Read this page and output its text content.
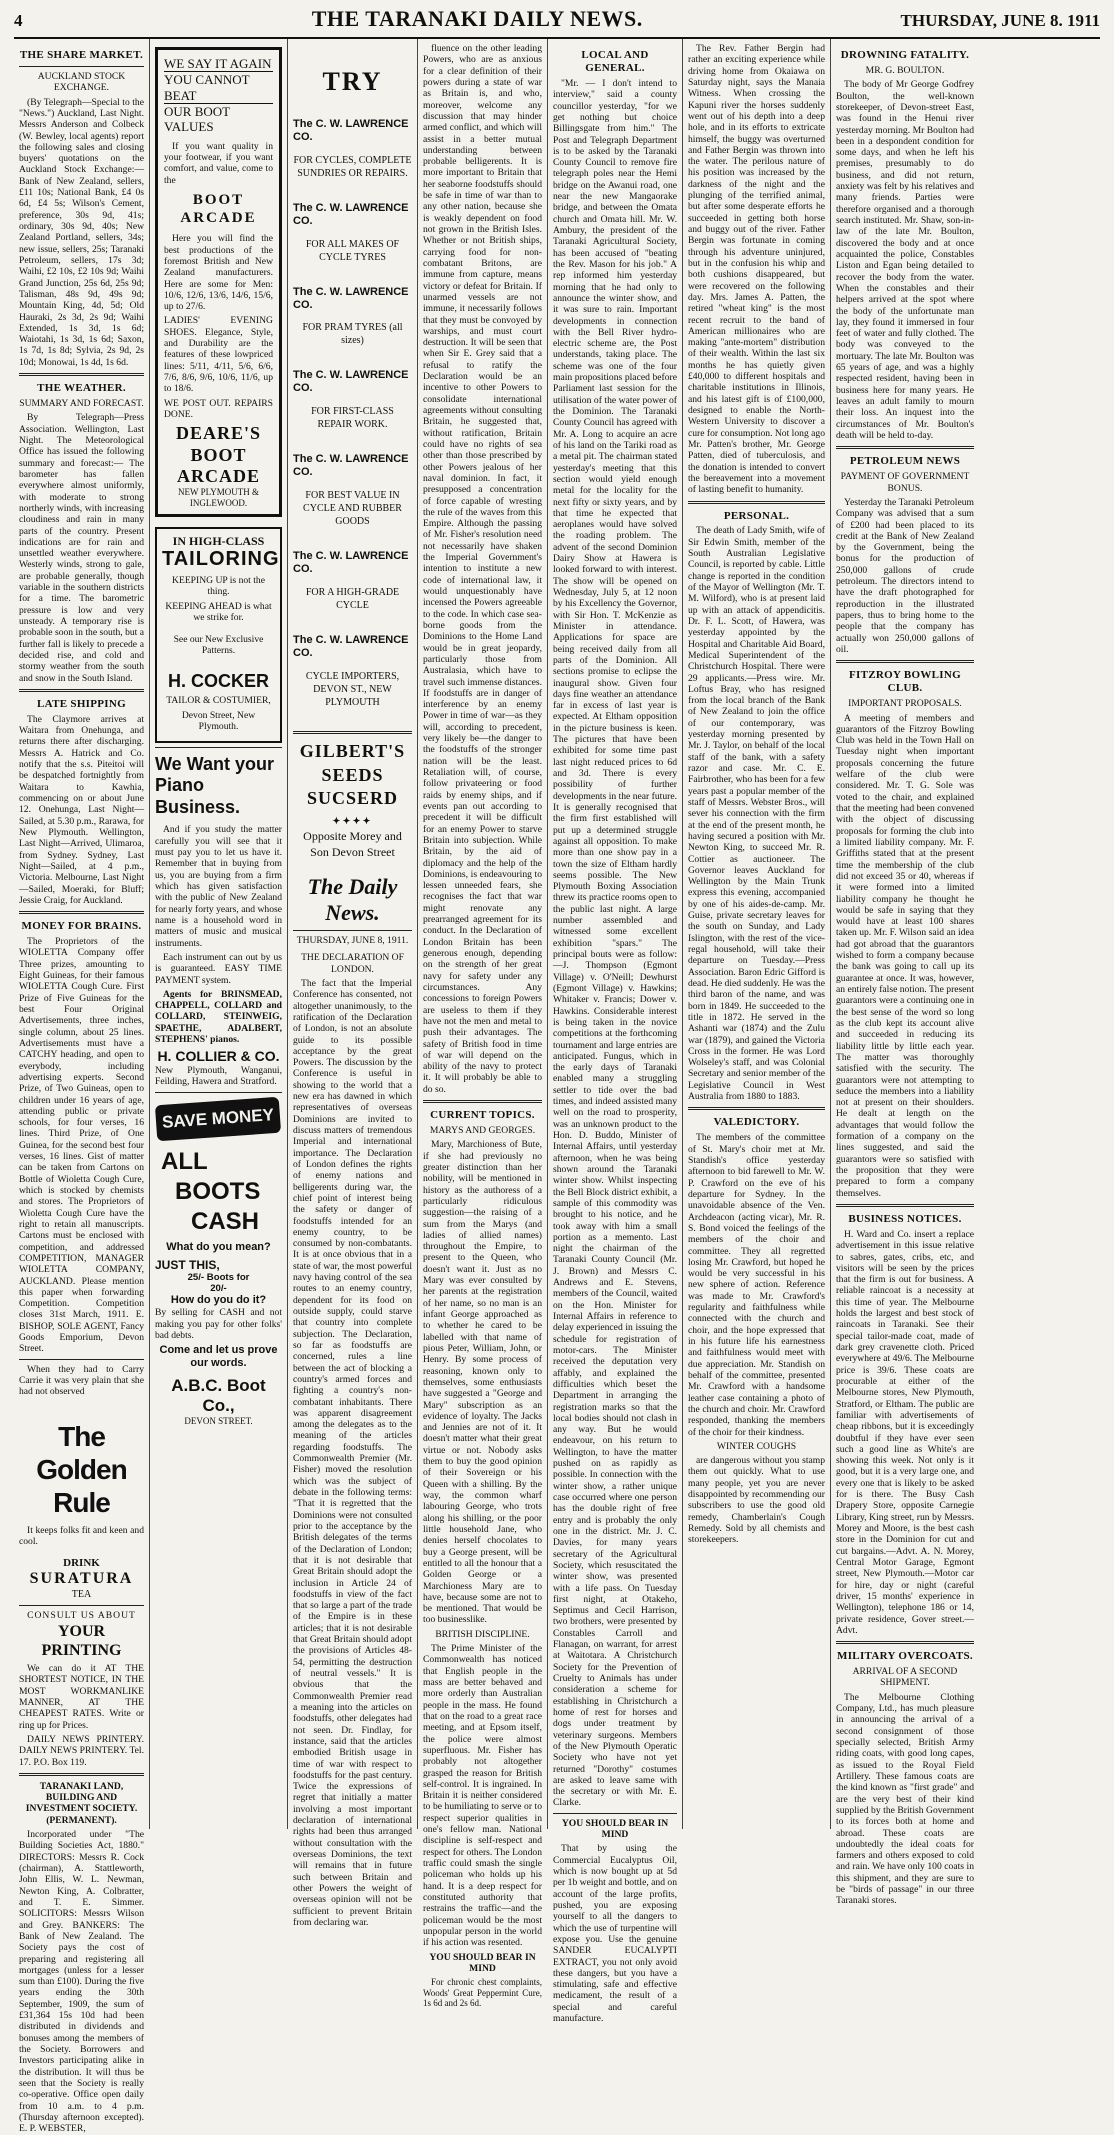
4	THE TARANAKI DAILY NEWS.	THURSDAY, JUNE 8. 1911
THE SHARE MARKET.
AUCKLAND STOCK EXCHANGE.

(By Telegraph—Special to the "News.") Auckland, Last Night. Messrs Anderson and Colbeck (W. Bewley, local agents) report the following sales and closing buyers' quotations on the Auckland Stock Exchange:— Bank of New Zealand, sellers, £11 10s; National Bank, £4 0s 6d, £4 5s; Wilson's Cement, preference, 30s 9d, 41s; ordinary, 30s 9d, 40s; New Zealand Portland, sellers, 34s; new issue, sellers, 25s; Taranaki Petroleum, sellers, 17s 3d; Waihi, £2 10s, £2 10s 9d; Waihi Grand Junction, 25s 6d, 25s 9d; Talisman, 48s 9d, 49s 9d; Mountain King, 4d, 5d; Old Hauraki, 2s 3d, 2s 9d; Waihi Extended, 1s 3d, 1s 6d; Waiotahi, 1s 3d, 1s 6d; Saxon, 1s 7d, 1s 8d; Sylvia, 2s 9d, 2s 10d; Monowai, 1s 4d, 1s 6d.

THE WEATHER.
SUMMARY AND FORECAST.

By Telegraph—Press Association. Wellington, Last Night. The Meteorological Office has issued the following summary and forecast:— The barometer has fallen everywhere almost uniformly, with moderate to strong northerly winds, with increasing cloudiness and rain in many parts of the country. Present indications are for rain and unsettled weather everywhere. Westerly winds, strong to gale, are probable generally, though variable in the southern districts for a time. The barometric pressure is low and very unsteady. A temporary rise is probable soon in the south, but a further fall is likely to precede a decided rise, and cold and stormy weather from the south and snow in the South Island.

LATE SHIPPING

The Claymore arrives at Waitara from Onehunga, and returns there after discharging. Messrs A. Hatrick and Co. notify that the s.s. Piteitoi will be despatched fortnightly from Waitara to Kawhia, commencing on or about June 12. Onehunga, Last Night—Sailed, at 5.30 p.m., Rarawa, for New Plymouth. Wellington, Last Night—Arrived, Ulimaroa, from Sydney. Sydney, Last Night—Sailed, at 4 p.m., Victoria. Melbourne, Last Night—Sailed, Moeraki, for Bluff; Jessie Craig, for Auckland.

MONEY FOR BRAINS.

The Proprietors of the WIOLETTA Company offer Three prizes, amounting to Eight Guineas, for their famous WIOLETTA Cough Cure. First Prize of Five Guineas for the best Four Original Advertisements, three inches, single column, about 25 lines. Advertisements must have a CATCHY heading, and open to everybody, including advertising experts. Second Prize, of Two Guineas, open to children under 16 years of age, attending public or private schools, for four verses, 16 lines. Third Prize, of One Guinea, for the second best four verses, 16 lines. Gist of matter can be taken from Cartons on Bottle of Wioletta Cough Cure, which is stocked by chemists and stores. The Proprietors of Wioletta Cough Cure have the right to retain all manuscripts. Cartons must be enclosed with competition, and addressed COMPETITION, MANAGER WIOLETTA COMPANY, AUCKLAND. Please mention this paper when forwarding Competition. Competition closes 31st March, 1911. E. BISHOP, SOLE AGENT, Fancy Goods Emporium, Devon Street.

When they had to Carry Carrie it was very plain that she had not observed

The Golden Rule

It keeps folks fit and keen and cool.

DRINK
SURATURA
TEA
CONSULT US ABOUT
YOUR PRINTING

We can do it AT THE SHORTEST NOTICE, IN THE MOST WORKMANLIKE MANNER, AT THE CHEAPEST RATES. Write or ring up for Prices.

DAILY NEWS PRINTERY. DAILY NEWS PRINTERY. Tel. 17. P.O. Box 119.

TARANAKI LAND, BUILDING AND INVESTMENT SOCIETY. (PERMANENT).

Incorporated under "The Building Societies Act, 1880." DIRECTORS: Messrs R. Cock (chairman), A. Stattleworth, John Ellis, W. L. Newman, Newton King, A. Colbratter, and T. E. Simmer. SOLICITORS: Messrs Wilson and Grey. BANKERS: The Bank of New Zealand. The Society pays the cost of preparing and registering all mortgages (unless for a lesser sum than £100). During the five years ending the 30th September, 1909, the sum of £31,364 15s 10d had been distributed in dividends and bonuses among the members of the Society. Borrowers and Investors participating alike in the distribution. It will thus be seen that the Society is really co-operative. Office open daily from 10 a.m. to 4 p.m. (Thursday afternoon excepted). E. P. WEBSTER,

WE SAY IT AGAIN
YOU CANNOT BEAT
OUR BOOT VALUES

If you want quality in your footwear, if you want comfort, and value, come to the

BOOT ARCADE

Here you will find the best productions of the foremost British and New Zealand manufacturers. Here are some for Men: 10/6, 12/6, 13/6, 14/6, 15/6, up to 27/6.

LADIES' EVENING SHOES. Elegance, Style, and Durability are the features of these lowpriced lines: 5/11, 4/11, 5/6, 6/6, 7/6, 8/6, 9/6, 10/6, 11/6, up to 18/6.

WE POST OUT. REPAIRS DONE.

DEARE'S
BOOT ARCADE
NEW PLYMOUTH & INGLEWOOD.
IN HIGH-CLASS
TAILORING

KEEPING UP is not the thing.

KEEPING AHEAD is what we strike for.

See our New Exclusive Patterns.

H. COCKER

TAILOR & COSTUMIER,

Devon Street, New Plymouth.

We Want your Piano Business.

And if you study the matter carefully you will see that it must pay you to let us have it. Remember that in buying from us, you are buying from a firm which has given satisfaction with the public of New Zealand for nearly forty years, and whose name is a household word in matters of music and musical instruments.

Each instrument can out by us is guaranteed. EASY TIME PAYMENT system.

Agents for BRINSMEAD, CHAPPELL, COLLARD and COLLARD, STEINWEIG, SPAETHE, ADALBERT, STEPHENS' pianos.

H. COLLIER & CO.

New Plymouth, Wanganui, Feilding, Hawera and Stratford.

SAVE MONEY
ALL
BOOTS
CASH
What do you mean?
JUST THIS,
25/- Boots for
20/-
How do you do it?

By selling for CASH and not making you pay for other folks' bad debts.

Come and let us prove our words.
A.B.C. Boot Co.,
DEVON STREET.
TRY
The C. W. LAWRENCE CO.
FOR CYCLES, COMPLETE SUNDRIES OR REPAIRS.
The C. W. LAWRENCE CO.
FOR ALL MAKES OF CYCLE TYRES
The C. W. LAWRENCE CO.
FOR PRAM TYRES (all sizes)
The C. W. LAWRENCE CO.
FOR FIRST-CLASS REPAIR WORK.
The C. W. LAWRENCE CO.
FOR BEST VALUE IN CYCLE AND RUBBER GOODS
The C. W. LAWRENCE CO.
FOR A HIGH-GRADE CYCLE
The C. W. LAWRENCE CO.
CYCLE IMPORTERS, DEVON ST., NEW PLYMOUTH
GILBERT'S SEEDS SUCSERD
✦✦✦✦
Opposite Morey and Son Devon Street
The Daily News.
THURSDAY, JUNE 8, 1911.
THE DECLARATION OF LONDON.

The fact that the Imperial Conference has consented, not altogether unanimously, to the ratification of the Declaration of London, is not an absolute guide to its possible acceptance by the great Powers. The discussion by the Conference is useful in showing to the world that a new era has dawned in which representatives of overseas Dominions are invited to discuss matters of tremendous Imperial and international importance. The Declaration of London defines the rights of enemy nations and belligerents during war, the chief point of interest being the safety or danger of foodstuffs intended for an enemy country, to be consumed by non-combatants. It is at once obvious that in a state of war, the most powerful navy having control of the sea routes to an enemy country, dependent for its food on outside supply, could starve that country into complete subjection. The Declaration, so far as foodstuffs are concerned, rules a line between the act of blocking a country's armed forces and fighting a country's non-combatant inhabitants. There was apparent disagreement among the delegates as to the meaning of the articles regarding foodstuffs. The Commonwealth Premier (Mr. Fisher) moved the resolution which was the subject of debate in the following terms: "That it is regretted that the Dominions were not consulted prior to the acceptance by the British delegates of the terms of the Declaration of London; that it is not desirable that Great Britain should adopt the inclusion in Article 24 of foodstuffs in view of the fact that so large a part of the trade of the Empire is in these articles; that it is not desirable that Great Britain should adopt the provisions of Articles 48-54, permitting the destruction of neutral vessels." It is obvious that the Commonwealth Premier read a meaning into the articles on foodstuffs, other delegates had not seen. Dr. Findlay, for instance, said that the articles embodied British usage in time of war with respect to foodstuffs for the past century. Twice the expressions of regret that initially a matter involving a most important declaration of international rights had been thus arranged without consultation with the overseas Dominions, the text will remains that in future such between Britain and other Powers the weight of overseas opinion will not be sufficient to prevent Britain from declaring war.

fluence on the other leading Powers, who are as anxious for a clear definition of their powers during a state of war as Britain is, and who, moreover, welcome any discussion that may hinder armed conflict, and which will assist in a better mutual understanding between probable belligerents. It is more important to Britain that her seaborne foodstuffs should be safe in time of war than to any other nation, because she is weakly dependent on food not grown in the British Isles. Whether or not British ships, carrying food for non-combatant Britons, are immune from capture, means victory or defeat for Britain. If unarmed vessels are not immune, it necessarily follows that they must be convoyed by warships, and must court destruction. It will be seen that when Sir E. Grey said that a refusal to ratify the Declaration would be an incentive to other Powers to consolidate international agreements without consulting Britain, he suggested that, without ratification, Britain could have no rights of sea other than those prescribed by other Powers jealous of her naval dominion. In fact, it presupposed a concentration of force capable of wresting the rule of the waves from this Empire. Although the passing of Mr. Fisher's resolution need not necessarily have shaken the Imperial Government's intention to institute a new code of international law, it would unquestionably have incensed the Powers agreeable to the code. In which case sea-borne goods from the Dominions to the Home Land would be in great jeopardy, particularly those from Australasia, which have to travel such immense distances. If foodstuffs are in danger of interference by an enemy Power in time of war—as they will, according to precedent, very likely be—the danger to the foodstuffs of the stronger nation will be the least. Retaliation will, of course, follow privateering or food raids by enemy ships, and if events pan out according to precedent it will be difficult for an enemy Power to starve Britain into subjection. While Britain, by the aid of diplomacy and the help of the Dominions, is endeavouring to lessen unneeded fears, she recognises the fact that war might renovate any prearranged agreement for its conduct. In the Declaration of London Britain has been generous enough, depending on the strength of her great navy for safety under any circumstances. Any concessions to foreign Powers are useless to them if they have not the men and metal to push their advantages. The safety of British food in time of war will depend on the ability of the navy to protect it. It will probably be able to do so.

CURRENT TOPICS.
MARYS AND GEORGES.

Mary, Marchioness of Bute, if she had previously no greater distinction than her nobility, will be mentioned in history as the authoress of a particularly ridiculous suggestion—the raising of a sum from the Marys (and ladies of allied names) throughout the Empire, to present to the Queen, who doesn't want it. Just as no Mary was ever consulted by her parents at the registration of her name, so no man is an infant George approached as to whether he cared to be labelled with that name of pious Peter, William, John, or Henry. By some process of reasoning, known only to themselves, some enthusiasts have suggested a "George and Mary" subscription as an evidence of loyalty. The Jacks and Jennies are not of it. It doesn't matter what their great virtue or not. Nobody asks them to buy the good opinion of their Sovereign or his Queen with a shilling. By the way, the common wharf labouring George, who trots along his shilling, or the poor little household Jane, who denies herself chocolates to buy a George present, will be entitled to all the honour that a Golden George or a Marchioness Mary are to have, because some are not to be mentioned. That would be too businesslike.

BRITISH DISCIPLINE.

The Prime Minister of the Commonwealth has noticed that English people in the mass are better behaved and more orderly than Australian people in the mass. He found that on the road to a great race meeting, and at Epsom itself, the police were almost superfluous. Mr. Fisher has probably not altogether grasped the reason for British self-control. It is ingrained. In Britain it is neither considered to be humiliating to serve or to respect superior qualities in one's fellow man. National discipline is self-respect and respect for others. The London traffic could smash the single policeman who holds up his hand. It is a deep respect for constituted authority that restrains the traffic—and the policeman would be the most unpopular person in the world if his action was resented.

YOU SHOULD BEAR IN MIND

For chronic chest complaints, Woods' Great Peppermint Cure, 1s 6d and 2s 6d.

LOCAL AND GENERAL.

"Mr. — I don't intend to interview," said a county councillor yesterday, "for we get nothing but choice Billingsgate from him." The Post and Telegraph Department is to be asked by the Taranaki County Council to remove fire telegraph poles near the Hemi bridge on the Awanui road, one near the new Mangaorake bridge, and between the Omata church and Omata hill. Mr. W. Ambury, the president of the Taranaki Agricultural Society, has been accused of "beating the Rev. Mason for his job." A rep informed him yesterday morning that he had only to announce the winter show, and it was sure to rain. Important developments in connection with the Bell River hydro-electric scheme are, the Post understands, taking place. The scheme was one of the four main propositions placed before Parliament last session for the utilisation of the water power of the Dominion. The Taranaki County Council has agreed with Mr. A. Long to acquire an acre of his land on the Tariki road as a metal pit. The chairman stated yesterday's meeting that this section would yield enough metal for the locality for the next fifty or sixty years, and by that time he expected that aeroplanes would have solved the roading problem. The advent of the second Dominion Dairy Show at Hawera is looked forward to with interest. The show will be opened on Wednesday, July 5, at 12 noon by his Excellency the Governor, with Sir Hon. T. McKenzie as Minister in attendance. Applications for space are being received daily from all parts of the Dominion. All sections promise to eclipse the inaugural show. Given four days fine weather an attendance far in excess of last year is expected. At Eltham opposition in the picture business is keen. The pictures that have been exhibited for some time past last night reduced prices to 6d and 3d. There is every possibility of further developments in the near future. It is generally recognised that the firm first established will put up a determined struggle against all opposition. To make more than one show pay in a town the size of Eltham hardly seems possible. The New Plymouth Boxing Association threw its practice rooms open to the public last night. A large number assembled and witnessed some excellent exhibition "spars." The principal bouts were as follow:—J. Thompson (Egmont Village) v. O'Neill; Dewhurst (Egmont Village) v. Hawkins; Whitaker v. Francis; Dower v. Hawkins. Considerable interest is being taken in the novice competitions at the forthcoming tournament and large entries are anticipated. Fungus, which in the early days of Taranaki enabled many a struggling settler to tide over the bad times, and indeed assisted many well on the road to prosperity, was an unknown product to the Hon. D. Buddo, Minister of Internal Affairs, until yesterday afternoon, when he was being shown around the Taranaki winter show. Whilst inspecting the Bell Block district exhibit, a sample of this commodity was brought to his notice, and he took away with him a small portion as a memento. Last night the chairman of the Taranaki County Council (Mr. J. Brown) and Messrs C. Andrews and E. Stevens, members of the Council, waited on the Hon. Minister for Internal Affairs in reference to delay experienced in issuing the schedule for registration of motor-cars. The Minister received the deputation very affably, and explained the difficulties which beset the Department in arranging the registration marks so that the local bodies should not clash in any way. But he would endeavour, on his return to Wellington, to have the matter pushed on as rapidly as possible. In connection with the winter show, a rather unique case occurred where one person has the double right of free entry and is probably the only one in the district. Mr. J. C. Davies, for many years secretary of the Agricultural Society, which resuscitated the winter show, was presented with a life pass. On Tuesday first night, at Otakeho, Septimus and Cecil Harrison, two brothers, were presented by Constables Carroll and Flanagan, on warrant, for arrest at Waitotara. A Christchurch Society for the Prevention of Cruelty to Animals has under consideration a scheme for establishing in Christchurch a home of rest for horses and dogs under treatment by veterinary surgeons. Members of the New Plymouth Operatic Society who have not yet returned "Dorothy" costumes are asked to leave same with the secretary or with Mr. E. Clarke.

YOU SHOULD BEAR IN MIND

That by using the Commercial Eucalyptus Oil, which is now bought up at 5d per 1b weight and bottle, and on account of the large profits, pushed, you are exposing yourself to all the dangers to which the use of turpentine will expose you. Use the genuine SANDER EUCALYPTI EXTRACT, you not only avoid these dangers, but you have a stimulating, safe and effective medicament, the result of a special and careful manufacture.

The Rev. Father Bergin had rather an exciting experience while driving home from Okaiawa on Saturday night, says the Manaia Witness. When crossing the Kapuni river the horses suddenly went out of his depth into a deep hole, and in its efforts to extricate himself, the buggy was overturned and Father Bergin was thrown into the water. The perilous nature of his position was increased by the darkness of the night and the plunging of the terrified animal, but after some desperate efforts he succeeded in getting both horse and buggy out of the river. Father Bergin was fortunate in coming through his adventure uninjured, but in the confusion his whip and both cushions disappeared, but were recovered on the following day. Mrs. James A. Patten, the retired "wheat king" is the most recent recruit to the band of American millionaires who are making "ante-mortem" distribution of their wealth. Within the last six months he has quietly given £40,000 to different hospitals and charitable institutions in Illinois, and his latest gift is of £100,000, designed to enable the North-Western University to discover a cure for consumption. Not long ago Mr. Patten's brother, Mr. George Patten, died of tuberculosis, and the donation is intended to convert the bereavement into a movement of lasting benefit to humanity.

PERSONAL.

The death of Lady Smith, wife of Sir Edwin Smith, member of the South Australian Legislative Council, is reported by cable. Little change is reported in the condition of the Mayor of Wellington (Mr. T. M. Wilford), who is at present laid up with an attack of appendicitis. Dr. F. L. Scott, of Hawera, was yesterday appointed by the Hospital and Charitable Aid Board, Medical Superintendent of the Christchurch Hospital. There were 29 applicants.—Press wire. Mr. Loftus Bray, who has resigned from the local branch of the Bank of New Zealand to join the office of our contemporary, was yesterday morning presented by Mr. J. Taylor, on behalf of the local staff of the bank, with a safety razor and case. Mr. C. E. Fairbrother, who has been for a few years past a popular member of the staff of Messrs. Webster Bros., will sever his connection with the firm at the end of the present month, he having secured a position with Mr. Newton King, to succeed Mr. R. Cottier as auctioneer. The Governor leaves Auckland for Wellington by the Main Trunk express this evening, accompanied by one of his aides-de-camp. Mr. Guise, private secretary leaves for the south on Sunday, and Lady Islington, with the rest of the vice-regal household, will take their departure on Tuesday.—Press Association. Baron Edric Gifford is dead. He died suddenly. He was the third baron of the name, and was born in 1849. He succeeded to the title in 1872. He served in the Ashanti war (1874) and the Zulu war (1879), and gained the Victoria Cross in the former. He was Lord Wolseley's staff, and was Colonial Secretary and senior member of the Legislative Council in West Australia from 1880 to 1883.

VALEDICTORY.

The members of the committee of St. Mary's choir met at Mr. Standish's office yesterday afternoon to bid farewell to Mr. W. P. Crawford on the eve of his departure for Sydney. In the unavoidable absence of the Ven. Archdeacon (acting vicar), Mr. R. S. Bond voiced the feelings of the members of the choir and committee. They all regretted losing Mr. Crawford, but hoped he would be very successful in his new sphere of action. Reference was made to Mr. Crawford's regularity and faithfulness while connected with the church and choir, and the hope expressed that in his future life his earnestness and faithfulness would meet with due appreciation. Mr. Standish on behalf of the committee, presented Mr. Crawford with a handsome leather case containing a photo of the church and choir. Mr. Crawford responded, thanking the members of the choir for their kindness.

WINTER COUGHS

are dangerous without you stamp them out quickly. What to use many people, yet you are never disappointed by recommending our subscribers to use the good old remedy, Chamberlain's Cough Remedy. Sold by all chemists and storekeepers.

DROWNING FATALITY.
MR. G. BOULTON.

The body of Mr George Godfrey Boulton, the well-known storekeeper, of Devon-street East, was found in the Henui river yesterday morning. Mr Boulton had been in a despondent condition for some days, and when he left his premises, presumably to do business, and did not return, anxiety was felt by his relatives and many friends. Parties were therefore organised and a thorough search instituted. Mr. Shaw, son-in-law of the late Mr. Boulton, discovered the body and at once acquainted the police, Constables Liston and Egan being detailed to recover the body from the water. When the constables and their helpers arrived at the spot where the body of the unfortunate man lay, they found it immersed in four feet of water and fully clothed. The body was conveyed to the mortuary. The late Mr. Boulton was 65 years of age, and was a highly respected resident, having been in business here for many years. He leaves an adult family to mourn their loss. An inquest into the circumstances of Mr. Boulton's death will be held to-day.

PETROLEUM NEWS
PAYMENT OF GOVERNMENT BONUS.

Yesterday the Taranaki Petroleum Company was advised that a sum of £200 had been placed to its credit at the Bank of New Zealand by the Government, being the bonus for the production of 250,000 gallons of crude petroleum. The directors intend to have the draft photographed for reproduction in the illustrated papers, thus to bring home to the people that the company has actually won 250,000 gallons of oil.

FITZROY BOWLING CLUB.
IMPORTANT PROPOSALS.

A meeting of members and guarantors of the Fitzroy Bowling Club was held in the Town Hall on Tuesday night when important proposals concerning the future welfare of the club were considered. Mr. T. G. Sole was voted to the chair, and explained that the meeting had been convened with the object of discussing proposals for forming the club into a limited liability company. Mr. F. Griffiths stated that at the present time the membership of the club did not exceed 35 or 40, whereas if it were formed into a limited liability company he thought he would be safe in saying that they would have at least 100 shares taken up. Mr. F. Wilson said an idea had got abroad that the guarantors wished to form a company because the bank was going to call up its guarantee at once. It was, however, an entirely false notion. The present guarantors were a continuing one in the best sense of the word so long as the club kept its account alive and succeeded in reducing its liability little by little each year. The matter was thoroughly satisfied with the security. The guarantors were not attempting to seduce the members into a liability not at present on their shoulders. He dealt at length on the advantages that would follow the formation of a company on the lines suggested, and said the guarantors were so satisfied with the proposition that they were prepared to form a company themselves.

BUSINESS NOTICES.

H. Ward and Co. insert a replace advertisement in this issue relative to sabres, gates, cribs, etc, and visitors will be seen by the prices that the firm is out for business. A reliable raincoat is a necessity at this time of year. The Melbourne holds the largest and best stock of raincoats in Taranaki. See their special tailor-made coat, made of dark grey cravenette cloth. Priced everywhere at 49/6. The Melbourne price is 39/6. These coats are procurable at either of the Melbourne stores, New Plymouth, Stratford, or Eltham. The public are familiar with advertisements of cheap ribbons, but it is exceedingly doubtful if they have ever seen such a good line as White's are showing this week. Not only is it good, but it is a very large one, and every one that is likely to be asked for is there. The Busy Cash Drapery Store, opposite Carnegie Library, King street, run by Messrs. Morey and Moore, is the best cash store in the Dominion for cut and cut bargains.—Advt. A. N. Morey, Central Motor Garage, Egmont street, New Plymouth.—Motor car for hire, day or night (careful driver, 15 months' experience in Wellington), telephone 186 or 14, private residence, Gover street.—Advt.

MILITARY OVERCOATS.
ARRIVAL OF A SECOND SHIPMENT.

The Melbourne Clothing Company, Ltd., has much pleasure in announcing the arrival of a second consignment of those specially selected, British Army riding coats, with good long capes, as issued to the Royal Field Artillery. These famous coats are the kind known as "first grade" and are the very best of their kind supplied by the British Government to its forces both at home and abroad. These coats are undoubtedly the ideal coats for farmers and others exposed to cold and rain. We have only 100 coats in this shipment, and they are sure to be "birds of passage" in our three Taranaki stores.
